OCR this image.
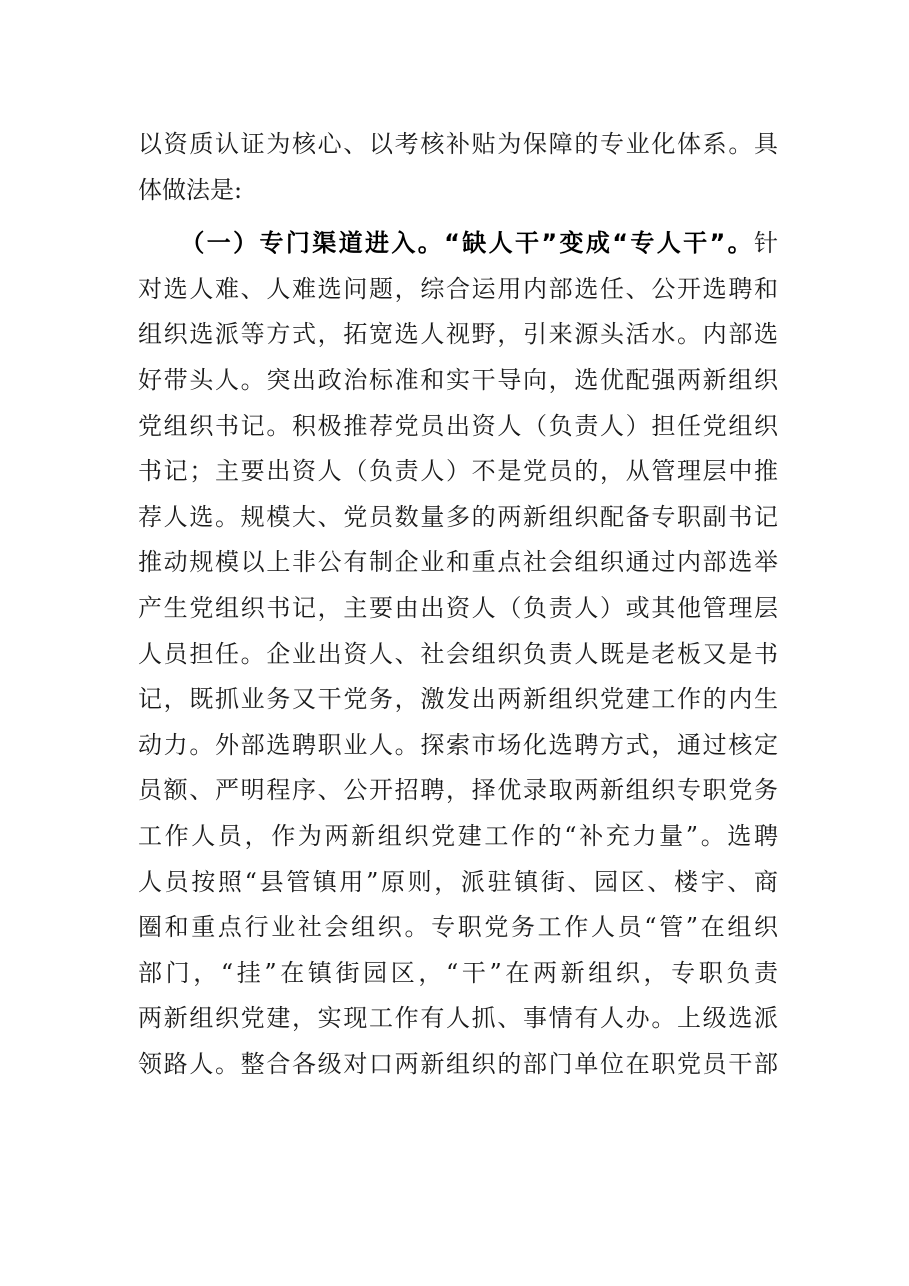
以资质认证为核心、以考核补贴为保障的专业化体系。具
体做法是:
（一）专门渠道进入。“缺人干”变成“专人干”。针
对选人难、人难选问题，综合运用内部选任、公开选聘和
组织选派等方式，拓宽选人视野，引来源头活水。内部选
好带头人。突出政治标准和实干导向，选优配强两新组织
党组织书记。积极推荐党员出资人（负责人）担任党组织
书记；主要出资人（负责人）不是党员的，从管理层中推
荐人选。规模大、党员数量多的两新组织配备专职副书记
推动规模以上非公有制企业和重点社会组织通过内部选举
产生党组织书记，主要由出资人（负责人）或其他管理层
人员担任。企业出资人、社会组织负责人既是老板又是书
记，既抓业务又干党务，激发出两新组织党建工作的内生
动力。外部选聘职业人。探索市场化选聘方式，通过核定
员额、严明程序、公开招聘，择优录取两新组织专职党务
工作人员，作为两新组织党建工作的“补充力量”。选聘
人员按照“县管镇用”原则，派驻镇街、园区、楼宇、商
圈和重点行业社会组织。专职党务工作人员“管”在组织
部门，“挂”在镇街园区，“干”在两新组织，专职负责
两新组织党建，实现工作有人抓、事情有人办。上级选派
领路人。整合各级对口两新组织的部门单位在职党员干部
